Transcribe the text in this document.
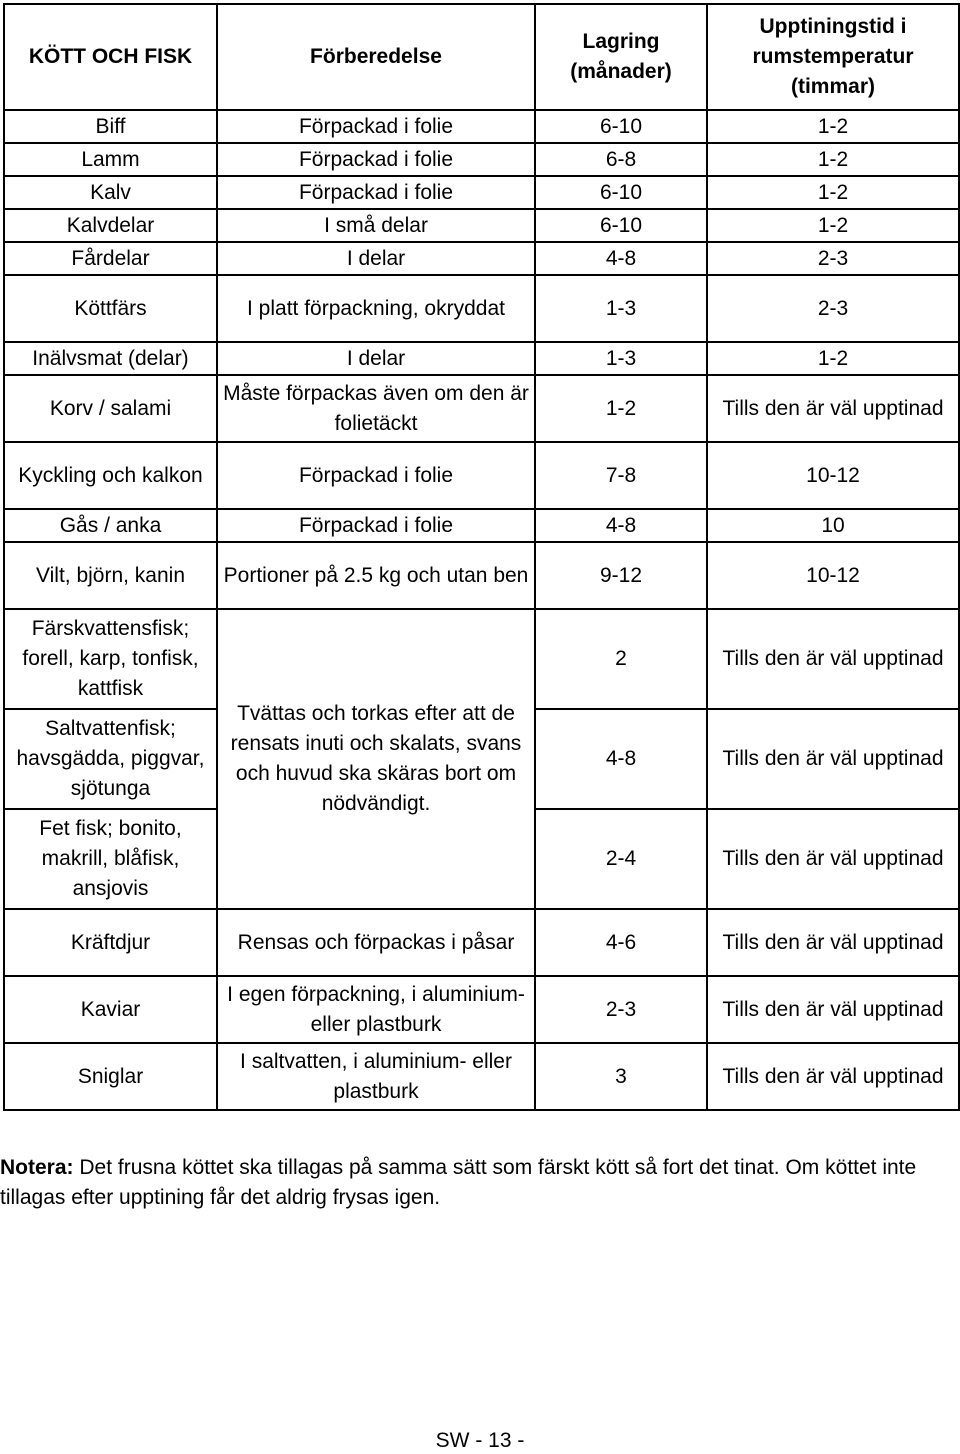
KÖTT OCH FISK	Förberedelse	Lagring (månader)	Upptiningstid i rumstemperatur (timmar)
Biff	Förpackad i folie	6-10	1-2
Lamm	Förpackad i folie	6-8	1-2
Kalv	Förpackad i folie	6-10	1-2
Kalvdelar	I små delar	6-10	1-2
Fårdelar	I delar	4-8	2-3
Köttfärs	I platt förpackning, okryddat	1-3	2-3
Inälvsmat (delar)	I delar	1-3	1-2
Korv / salami	Måste förpackas även om den är folietäckt	1-2	Tills den är väl upptinad
Kyckling och kalkon	Förpackad i folie	7-8	10-12
Gås / anka	Förpackad i folie	4-8	10
Vilt, björn, kanin	Portioner på 2.5 kg och utan ben	9-12	10-12
Färskvattensfisk; forell, karp, tonfisk, kattfisk	Tvättas och torkas efter att de rensats inuti och skalats, svans och huvud ska skäras bort om nödvändigt.	2	Tills den är väl upptinad
Saltvattenfisk; havsgädda, piggvar, sjötunga		4-8	Tills den är väl upptinad
Fet fisk; bonito, makrill, blåfisk, ansjovis		2-4	Tills den är väl upptinad
Kräftdjur	Rensas och förpackas i påsar	4-6	Tills den är väl upptinad
Kaviar	I egen förpackning, i aluminium- eller plastburk	2-3	Tills den är väl upptinad
Sniglar	I saltvatten, i aluminium- eller plastburk	3	Tills den är väl upptinad
Notera: Det frusna köttet ska tillagas på samma sätt som färskt kött så fort det tinat. Om köttet inte tillagas efter upptining får det aldrig frysas igen.
SW - 13 -
